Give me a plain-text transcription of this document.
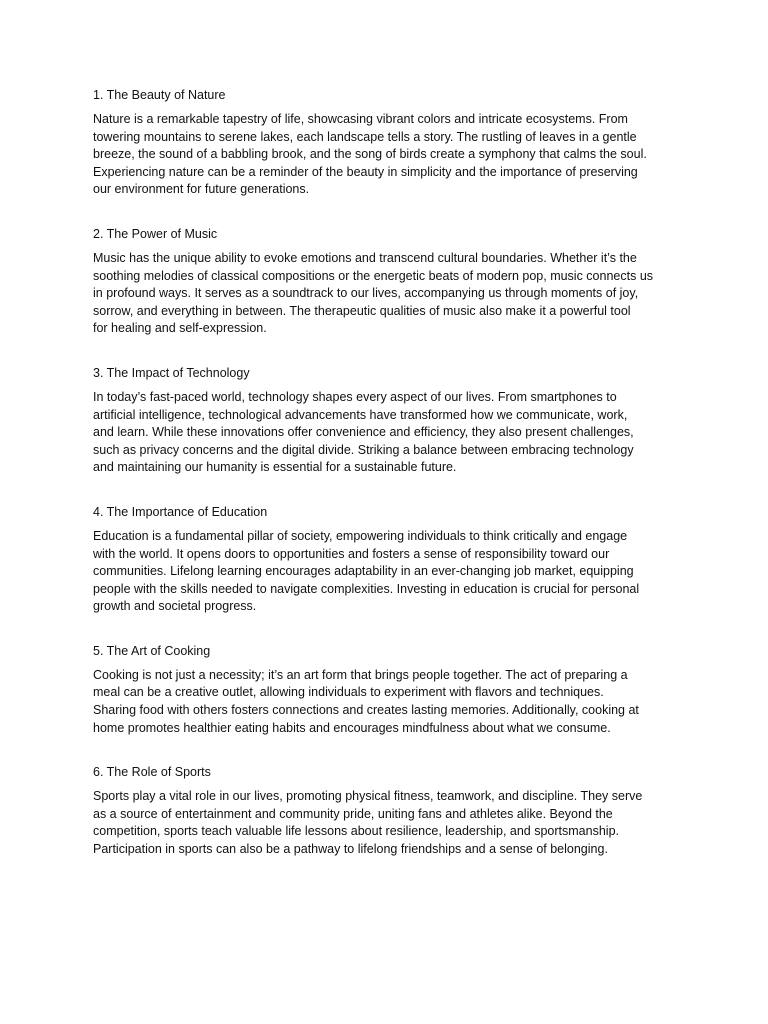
1. The Beauty of Nature

Nature is a remarkable tapestry of life, showcasing vibrant colors and intricate ecosystems. From
towering mountains to serene lakes, each landscape tells a story. The rustling of leaves in a gentle
breeze, the sound of a babbling brook, and the song of birds create a symphony that calms the soul.
Experiencing nature can be a reminder of the beauty in simplicity and the importance of preserving
our environment for future generations.

2. The Power of Music

Music has the unique ability to evoke emotions and transcend cultural boundaries. Whether it’s the
soothing melodies of classical compositions or the energetic beats of modern pop, music connects us
in profound ways. It serves as a soundtrack to our lives, accompanying us through moments of joy,
sorrow, and everything in between. The therapeutic qualities of music also make it a powerful tool
for healing and self-expression.

3. The Impact of Technology

In today’s fast-paced world, technology shapes every aspect of our lives. From smartphones to
artificial intelligence, technological advancements have transformed how we communicate, work,
and learn. While these innovations offer convenience and efficiency, they also present challenges,
such as privacy concerns and the digital divide. Striking a balance between embracing technology
and maintaining our humanity is essential for a sustainable future.

4. The Importance of Education

Education is a fundamental pillar of society, empowering individuals to think critically and engage
with the world. It opens doors to opportunities and fosters a sense of responsibility toward our
communities. Lifelong learning encourages adaptability in an ever-changing job market, equipping
people with the skills needed to navigate complexities. Investing in education is crucial for personal
growth and societal progress.

5. The Art of Cooking

Cooking is not just a necessity; it’s an art form that brings people together. The act of preparing a
meal can be a creative outlet, allowing individuals to experiment with flavors and techniques.
Sharing food with others fosters connections and creates lasting memories. Additionally, cooking at
home promotes healthier eating habits and encourages mindfulness about what we consume.

6. The Role of Sports

Sports play a vital role in our lives, promoting physical fitness, teamwork, and discipline. They serve
as a source of entertainment and community pride, uniting fans and athletes alike. Beyond the
competition, sports teach valuable life lessons about resilience, leadership, and sportsmanship.
Participation in sports can also be a pathway to lifelong friendships and a sense of belonging.
